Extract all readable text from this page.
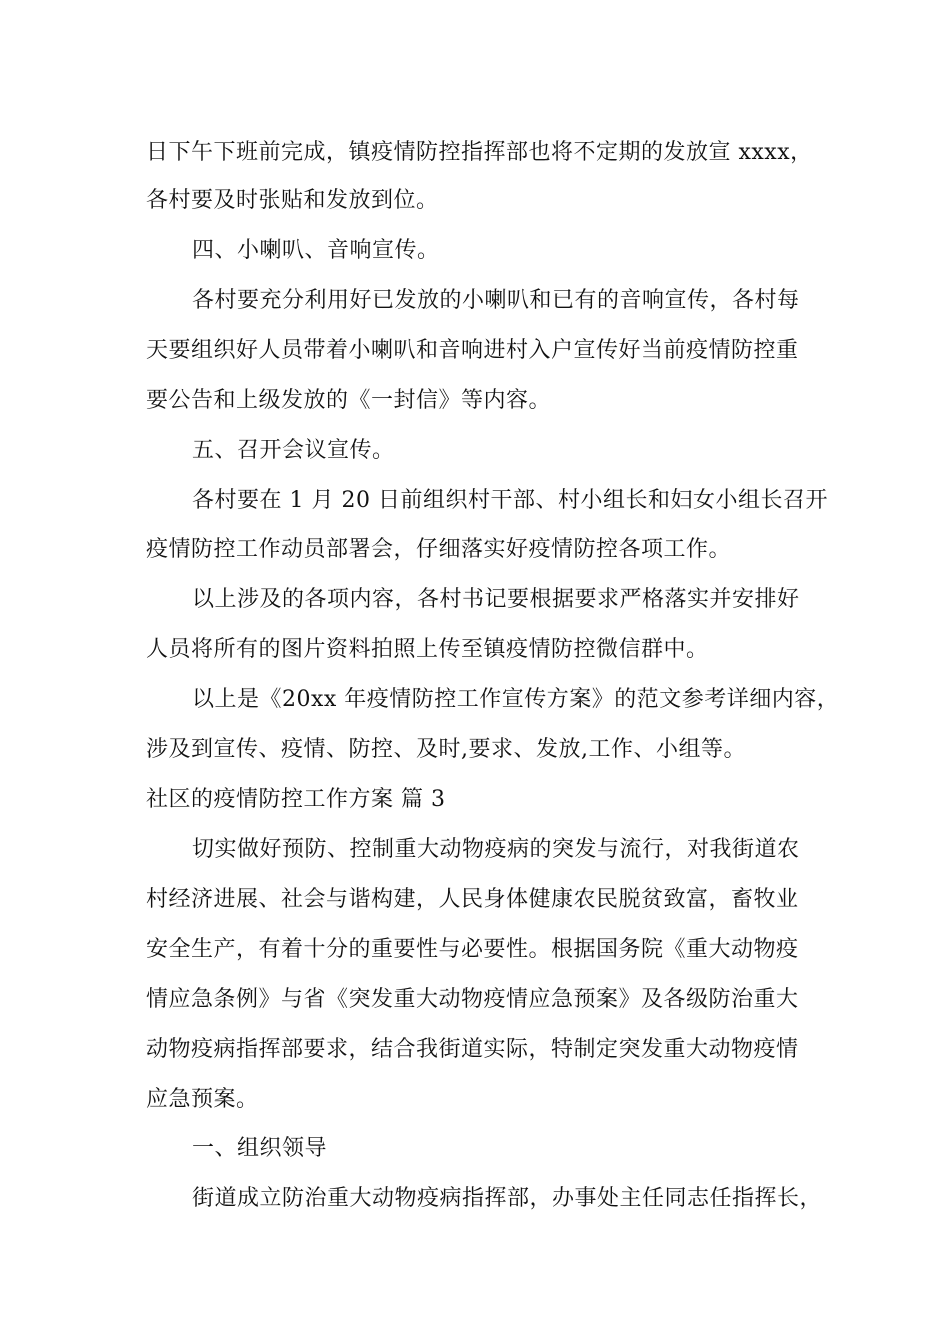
日下午下班前完成，镇疫情防控指挥部也将不定期的发放宣 xxxx，
各村要及时张贴和发放到位。
四、小喇叭、音响宣传。
各村要充分利用好已发放的小喇叭和已有的音响宣传，各村每
天要组织好人员带着小喇叭和音响进村入户宣传好当前疫情防控重
要公告和上级发放的《一封信》等内容。
五、召开会议宣传。
各村要在 1 月 20 日前组织村干部、村小组长和妇女小组长召开
疫情防控工作动员部署会，仔细落实好疫情防控各项工作。
以上涉及的各项内容，各村书记要根据要求严格落实并安排好
人员将所有的图片资料拍照上传至镇疫情防控微信群中。
以上是《20xx 年疫情防控工作宣传方案》的范文参考详细内容，
涉及到宣传、疫情、防控、及时,要求、发放,工作、小组等。
社区的疫情防控工作方案 篇 3
切实做好预防、控制重大动物疫病的突发与流行，对我街道农
村经济进展、社会与谐构建，人民身体健康农民脱贫致富，畜牧业
安全生产，有着十分的重要性与必要性。根据国务院《重大动物疫
情应急条例》与省《突发重大动物疫情应急预案》及各级防治重大
动物疫病指挥部要求，结合我街道实际，特制定突发重大动物疫情
应急预案。
一、组织领导
街道成立防治重大动物疫病指挥部，办事处主任同志任指挥长，
